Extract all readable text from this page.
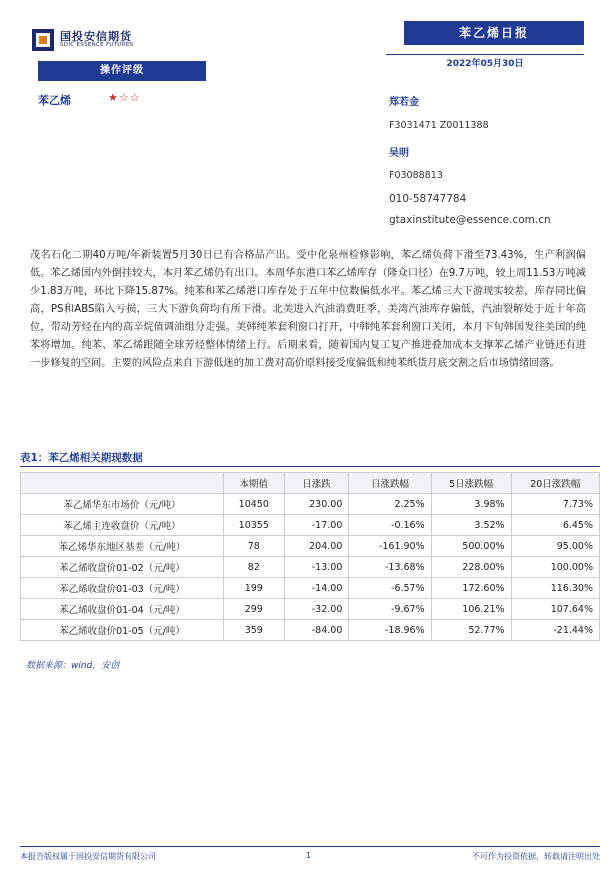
国投安信期货
SDIC ESSENCE FUTURES
苯乙烯日报
2022年05月30日
操作评级
苯乙烯	★☆☆	郑若金
F3031471 Z0011388
吴明
F03088813
010-58747784
gtaxinstitute@essence.com.cn

茂名石化二期40万吨/年新装置5月30日已有合格品产出。受中化泉州检修影响，苯乙烯负荷下滑至73.43%，生产利润偏低。苯乙烯国内外倒挂较大，本月苯乙烯仍有出口。本周华东港口苯乙烯库存（隆众口径）在9.7万吨，较上周11.53万吨减少1.83万吨，环比下降15.87%。纯苯和苯乙烯港口库存处于五年中位数偏低水平。苯乙烯三大下游现实较差，库存同比偏高，PS和ABS陷入亏损，三大下游负荷均有所下滑。北美进入汽油消费旺季，美湾汽油库存偏低，汽油裂解处于近十年高位，带动芳烃在内的高辛烷值调油组分走强。美韩纯苯套利窗口打开，中韩纯苯套利窗口关闭，本月下旬韩国发往美国的纯苯将增加。纯苯、苯乙烯跟随全球芳烃整体情绪上行。后期来看，随着国内复工复产推进叠加成本支撑苯乙烯产业链还有进一步修复的空间。主要的风险点来自下游低迷的加工费对高价原料接受度偏低和纯苯纸货月底交割之后市场情绪回落。

表1：苯乙烯相关期现数据
	本期值	日涨跌	日涨跌幅	5日涨跌幅	20日涨跌幅
苯乙烯华东市场价（元/吨）	10450	230.00	2.25%	3.98%	7.73%
苯乙烯主连收盘价（元/吨）	10355	-17.00	-0.16%	3.52%	6.45%
苯乙烯华东地区基差（元/吨）	78	204.00	-161.90%	500.00%	95.00%
苯乙烯收盘价01-02（元/吨）	82	-13.00	-13.68%	228.00%	100.00%
苯乙烯收盘价01-03（元/吨）	199	-14.00	-6.57%	172.60%	116.30%
苯乙烯收盘价01-04（元/吨）	299	-32.00	-9.67%	106.21%	107.64%
苯乙烯收盘价01-05（元/吨）	359	-84.00	-18.96%	52.77%	-21.44%
数据来源：wind，安创
本报告版权属于国投安信期货有限公司	1	不可作为投资依据，转载请注明出处
